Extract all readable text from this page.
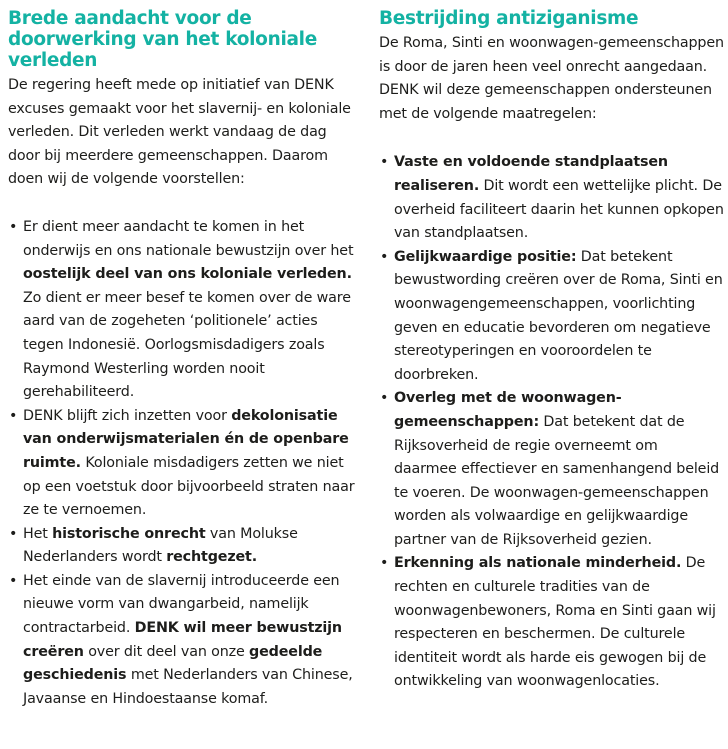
Brede aandacht voor de doorwerking van het koloniale verleden

De regering heeft mede op initiatief van DENK excuses gemaakt voor het slavernij- en koloniale verleden. Dit verleden werkt vandaag de dag door bij meerdere gemeenschappen. Daarom doen wij de volgende voorstellen:

• Er dient meer aandacht te komen in het onderwijs en ons nationale bewustzijn over het oostelijk deel van ons koloniale verleden. Zo dient er meer besef te komen over de ware aard van de zogeheten ‘politionele’ acties tegen Indonesië. Oorlogsmisdadigers zoals Raymond Westerling worden nooit gerehabiliteerd.
• DENK blijft zich inzetten voor dekolonisatie van onderwijsmaterialen én de openbare ruimte. Koloniale misdadigers zetten we niet op een voetstuk door bijvoorbeeld straten naar ze te vernoemen.
• Het historische onrecht van Molukse Nederlanders wordt rechtgezet.
• Het einde van de slavernij introduceerde een nieuwe vorm van dwangarbeid, namelijk contractarbeid. DENK wil meer bewustzijn creëren over dit deel van onze gedeelde geschiedenis met Nederlanders van Chinese, Javaanse en Hindoestaanse komaf.
Bestrijding antiziganisme

De Roma, Sinti en woonwagen-gemeenschappen is door de jaren heen veel onrecht aangedaan. DENK wil deze gemeenschappen ondersteunen met de volgende maatregelen:

• Vaste en voldoende standplaatsen realiseren. Dit wordt een wettelijke plicht. De overheid faciliteert daarin het kunnen opkopen van standplaatsen.
• Gelijkwaardige positie: Dat betekent bewustwording creëren over de Roma, Sinti en woonwagengemeenschappen, voorlichting geven en educatie bevorderen om negatieve stereotyperingen en vooroordelen te doorbreken.
• Overleg met de woonwagen-gemeenschappen: Dat betekent dat de Rijksoverheid de regie overneemt om daarmee effectiever en samenhangend beleid te voeren. De woonwagen-gemeenschappen worden als volwaardige en gelijkwaardige partner van de Rijksoverheid gezien.
• Erkenning als nationale minderheid. De rechten en culturele tradities van de woonwagenbewoners, Roma en Sinti gaan wij respecteren en beschermen. De culturele identiteit wordt als harde eis gewogen bij de ontwikkeling van woonwagenlocaties.
